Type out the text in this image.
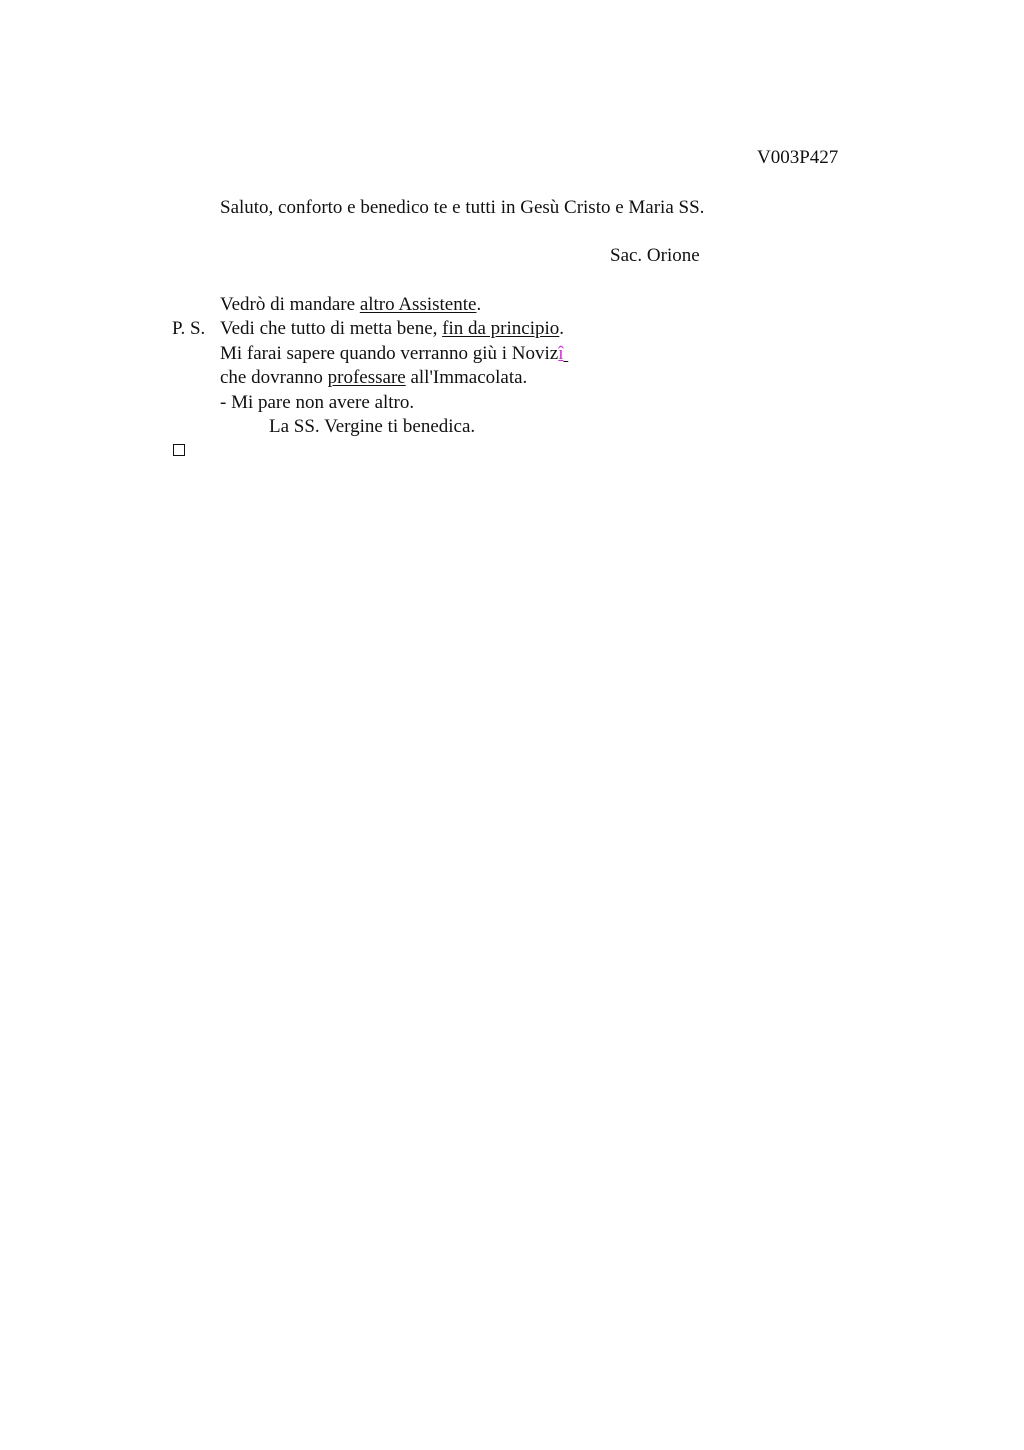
V003P427
Saluto, conforto e benedico te e tutti in Gesù Cristo e Maria SS.
Sac. Orione
Vedrò di mandare altro Assistente.
P. S. Vedi che tutto di metta bene, fin da principio.
Mi farai sapere quando verranno giù i Novizî
che dovranno professare all'Immacolata.
- Mi pare non avere altro.
La SS. Vergine ti benedica.
